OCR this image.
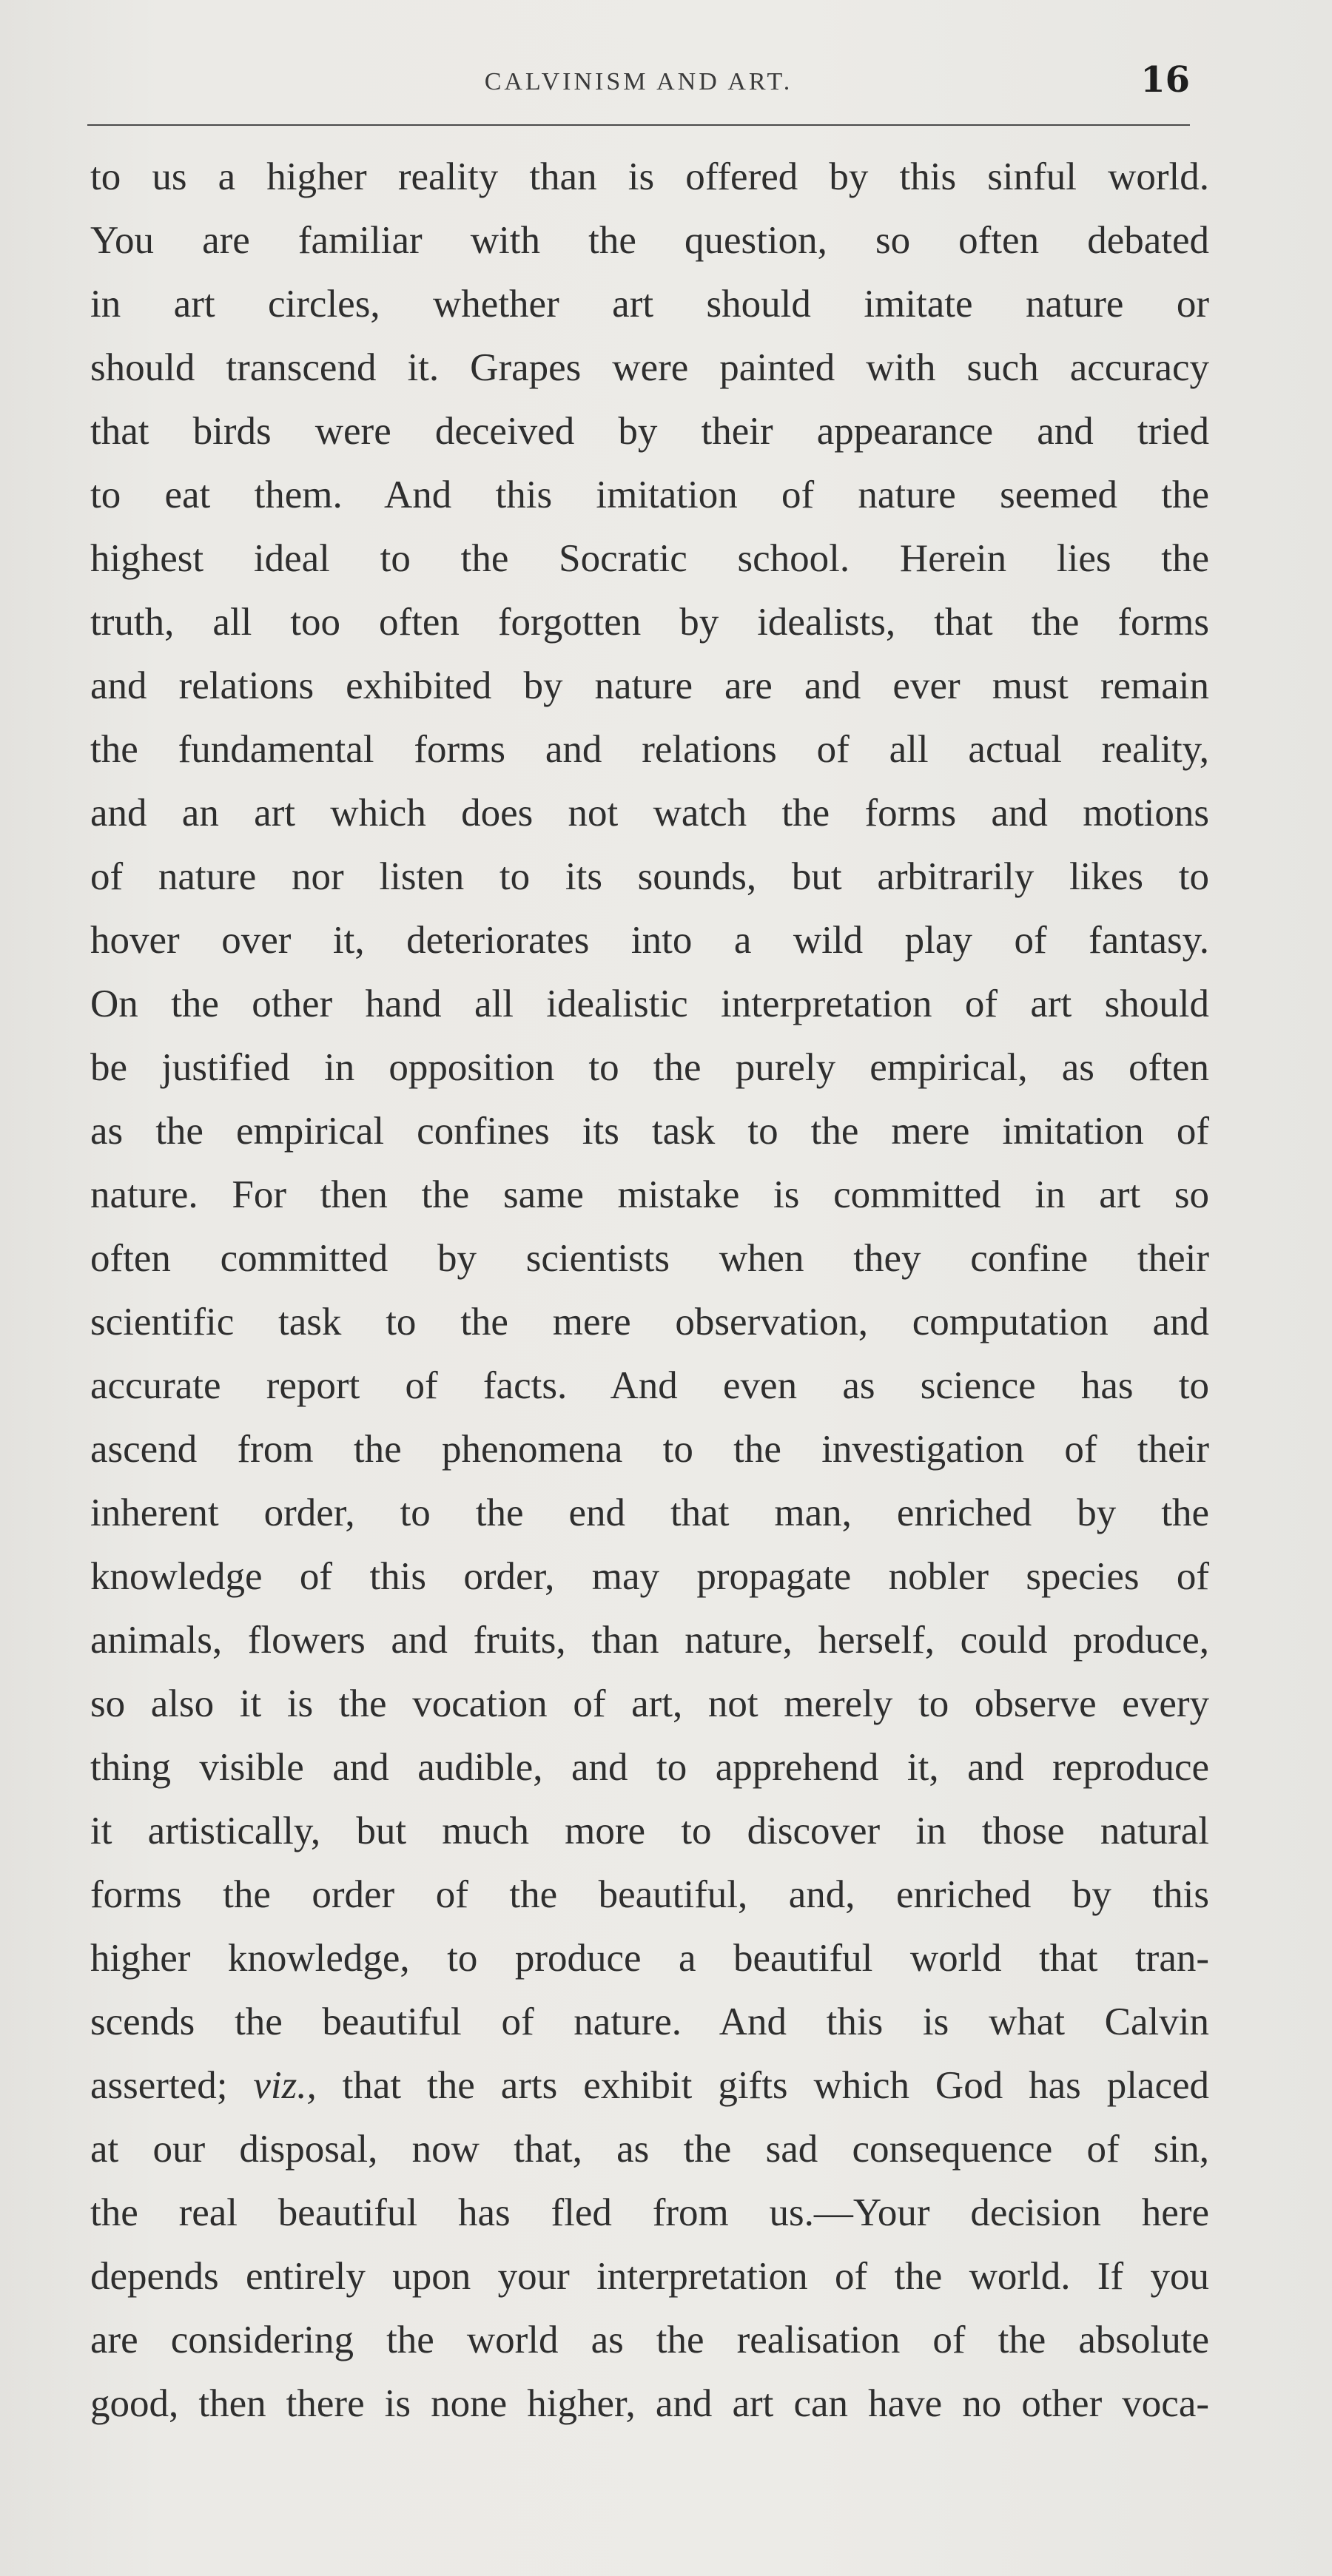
CALVINISM AND ART.	16
to us a higher reality than is offered by this sinful world.
You are familiar with the question, so often debated
in art circles, whether art should imitate nature or
should transcend it. Grapes were painted with such accuracy
that birds were deceived by their appearance and tried
to eat them. And this imitation of nature seemed the
highest ideal to the Socratic school. Herein lies the
truth, all too often forgotten by idealists, that the forms
and relations exhibited by nature are and ever must remain
the fundamental forms and relations of all actual reality,
and an art which does not watch the forms and motions
of nature nor listen to its sounds, but arbitrarily likes to
hover over it, deteriorates into a wild play of fantasy.
On the other hand all idealistic interpretation of art should
be justified in opposition to the purely empirical, as often
as the empirical confines its task to the mere imitation of
nature. For then the same mistake is committed in art so
often committed by scientists when they confine their
scientific task to the mere observation, computation and
accurate report of facts. And even as science has to
ascend from the phenomena to the investigation of their
inherent order, to the end that man, enriched by the
knowledge of this order, may propagate nobler species of
animals, flowers and fruits, than nature, herself, could produce,
so also it is the vocation of art, not merely to observe every
thing visible and audible, and to apprehend it, and reproduce
it artistically, but much more to discover in those natural
forms the order of the beautiful, and, enriched by this
higher knowledge, to produce a beautiful world that tran-
scends the beautiful of nature. And this is what Calvin
asserted; viz., that the arts exhibit gifts which God has placed
at our disposal, now that, as the sad consequence of sin,
the real beautiful has fled from us.—Your decision here
depends entirely upon your interpretation of the world. If you
are considering the world as the realisation of the absolute
good, then there is none higher, and art can have no other voca-
